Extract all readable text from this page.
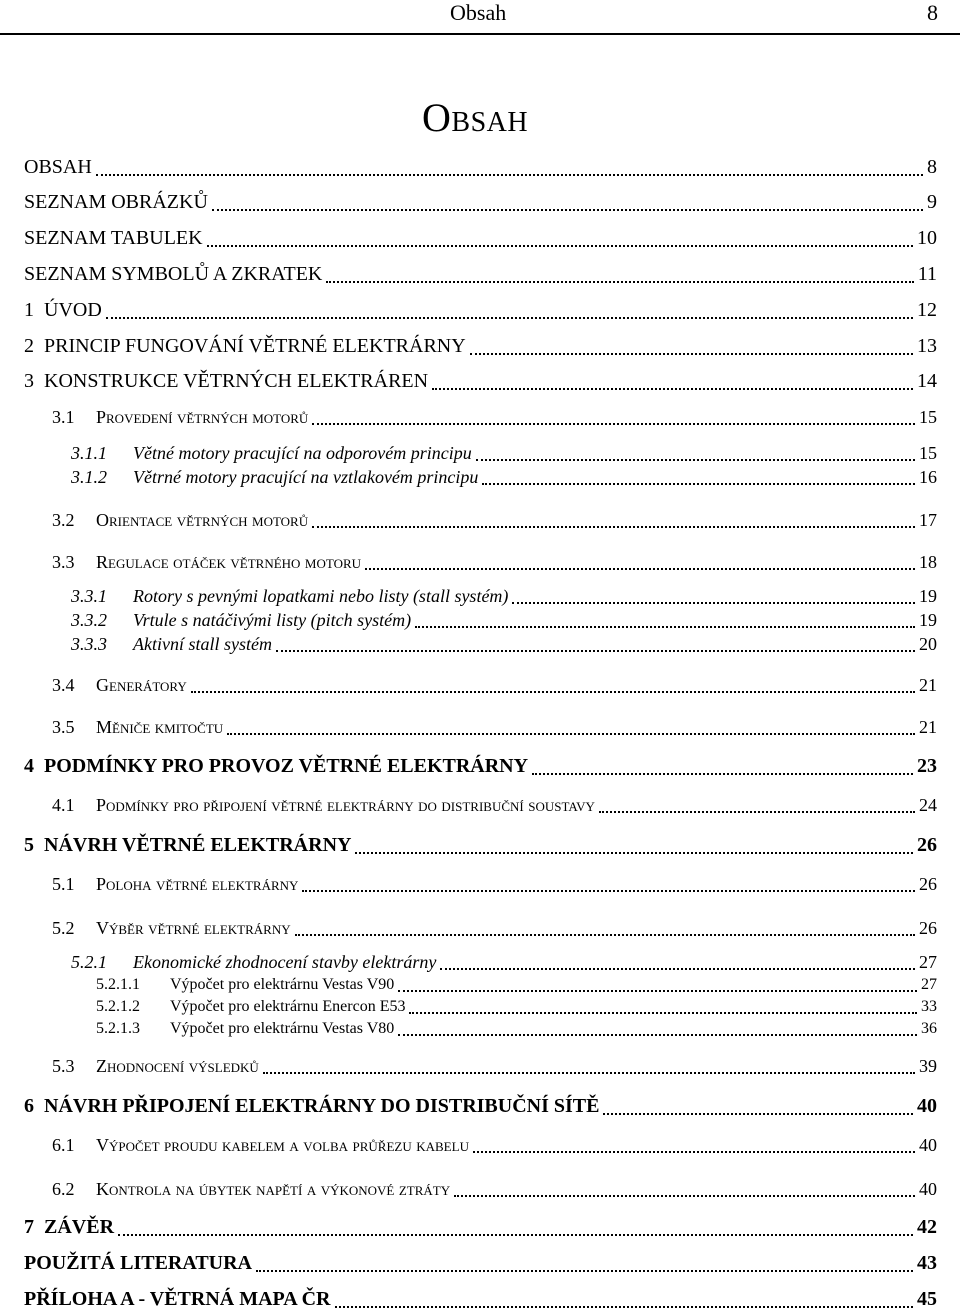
Obsah	8
Obsah
OBSAH	8
SEZNAM OBRÁZKŮ	9
SEZNAM TABULEK	10
SEZNAM SYMBOLŮ A ZKRATEK	11
1 ÚVOD	12
2 PRINCIP FUNGOVÁNÍ VĚTRNÉ ELEKTRÁRNY	13
3 KONSTRUKCE VĚTRNÝCH ELEKTRÁREN	14
3.1 Provedení větrných motorů	15
3.1.1 Větné motory pracující na odporovém principu	15
3.1.2 Větrné motory pracující na vztlakovém principu	16
3.2 Orientace větrných motorů	17
3.3 Regulace otáček větrného motoru	18
3.3.1 Rotory s pevnými lopatkami nebo listy (stall systém)	19
3.3.2 Vrtule s natáčivými listy (pitch systém)	19
3.3.3 Aktivní stall systém	20
3.4 Generátory	21
3.5 Měniče kmitočtu	21
4 PODMÍNKY PRO PROVOZ VĚTRNÉ ELEKTRÁRNY	23
4.1 Podmínky pro připojení větrné elektrárny do distribuční soustavy	24
5 NÁVRH VĚTRNÉ ELEKTRÁRNY	26
5.1 Poloha větrné elektrárny	26
5.2 Výběr větrné elektrárny	26
5.2.1 Ekonomické zhodnocení stavby elektrárny	27
5.2.1.1 Výpočet pro elektrárnu Vestas V90	27
5.2.1.2 Výpočet pro elektrárnu Enercon E53	33
5.2.1.3 Výpočet pro elektrárnu Vestas V80	36
5.3 Zhodnocení výsledků	39
6 NÁVRH PŘIPOJENÍ ELEKTRÁRNY DO DISTRIBUČNÍ SÍTĚ	40
6.1 Výpočet proudu kabelem a volba průřezu kabelu	40
6.2 Kontrola na úbytek napětí a výkonové ztráty	40
7 ZÁVĚR	42
POUŽITÁ LITERATURA	43
PŘÍLOHA A - VĚTRNÁ MAPA ČR	45
